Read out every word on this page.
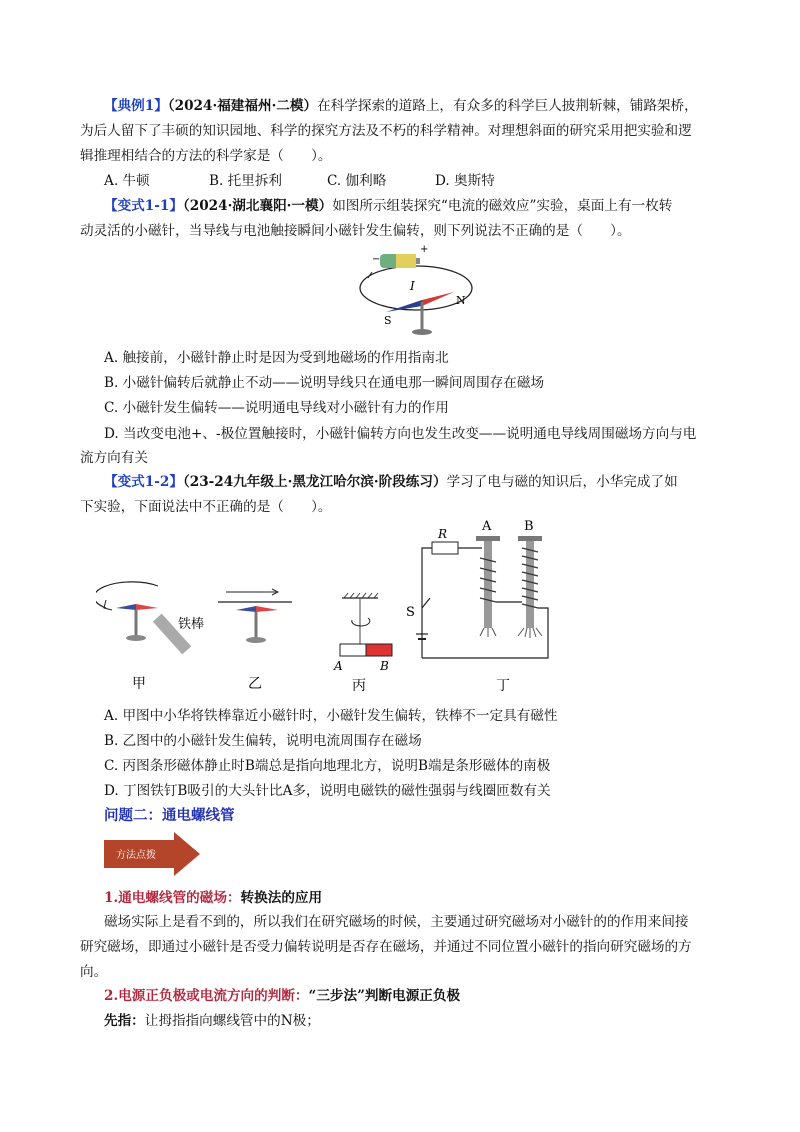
【典例1】（2024·福建福州·二模）在科学探索的道路上，有众多的科学巨人披荆斩棘，铺路架桥，
为后人留下了丰硕的知识园地、科学的探究方法及不朽的科学精神。对理想斜面的研究采用把实验和逻
辑推理相结合的方法的科学家是（　　）。
A. 牛顿	B. 托里拆利	C. 伽利略	D. 奥斯特
【变式1-1】（2024·湖北襄阳·一模）如图所示组装探究“电流的磁效应”实验，桌面上有一枚转
动灵活的小磁针，当导线与电池触接瞬间小磁针发生偏转，则下列说法不正确的是（　　）。
+
−
I
N
S
A. 触接前，小磁针静止时是因为受到地磁场的作用指南北
B. 小磁针偏转后就静止不动——说明导线只在通电那一瞬间周围存在磁场
C. 小磁针发生偏转——说明通电导线对小磁针有力的作用
D. 当改变电池+、-极位置触接时，小磁针偏转方向也发生改变——说明通电导线周围磁场方向与电
流方向有关
【变式1-2】（23-24九年级上·黑龙江哈尔滨·阶段练习）学习了电与磁的知识后，小华完成了如
下实验，下面说法中不正确的是（　　）。
铁棒
甲	乙
A	B
丙
R	A	B
S
丁
A. 甲图中小华将铁棒靠近小磁针时，小磁针发生偏转，铁棒不一定具有磁性
B. 乙图中的小磁针发生偏转，说明电流周围存在磁场
C. 丙图条形磁体静止时B端总是指向地理北方，说明B端是条形磁体的南极
D. 丁图铁钉B吸引的大头针比A多，说明电磁铁的磁性强弱与线圈匝数有关
问题二：通电螺线管
方法点拨
1.通电螺线管的磁场：转换法的应用
磁场实际上是看不到的，所以我们在研究磁场的时候，主要通过研究磁场对小磁针的的作用来间接
研究磁场，即通过小磁针是否受力偏转说明是否存在磁场，并通过不同位置小磁针的指向研究磁场的方
向。
2.电源正负极或电流方向的判断：“三步法”判断电源正负极
先指：让拇指指向螺线管中的N极；
